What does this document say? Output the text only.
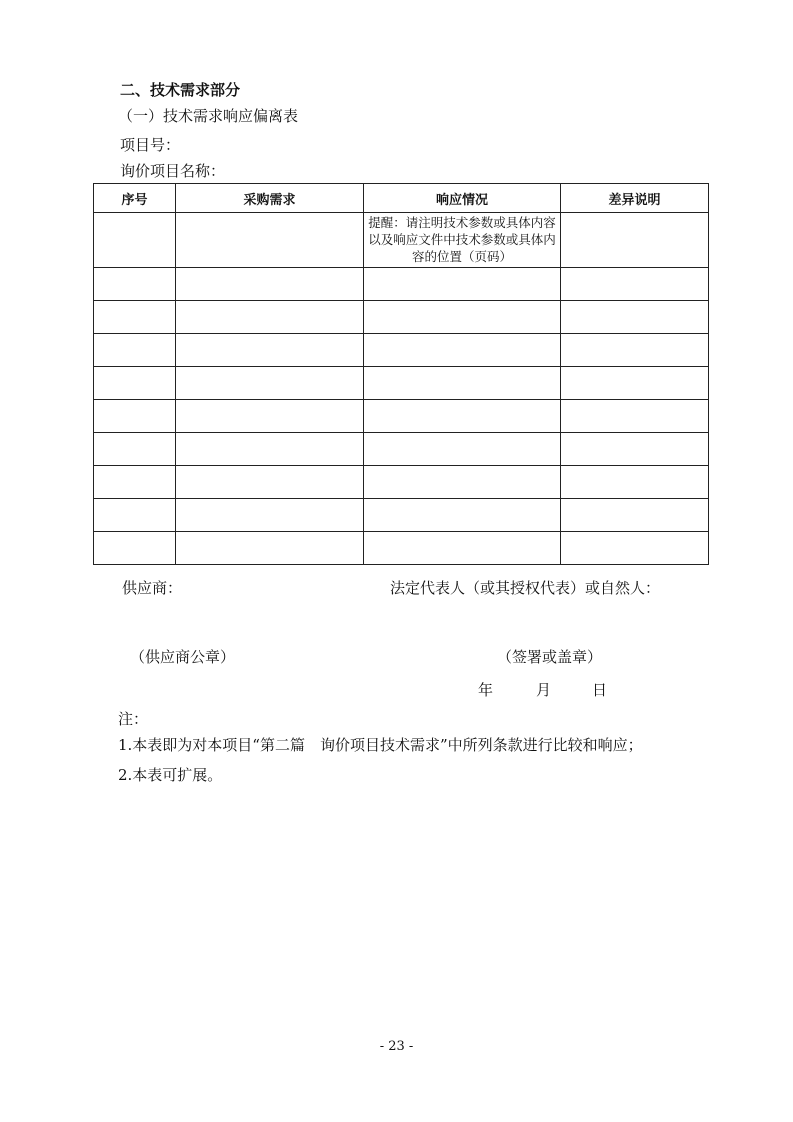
二、技术需求部分
（一）技术需求响应偏离表
项目号：
询价项目名称：
序号	采购需求	响应情况	差异说明

		提醒：请注明技术参数或具体内容以及响应文件中技术参数或具体内容的位置（页码）	

供应商：	法定代表人（或其授权代表）或自然人：
（供应商公章）	（签署或盖章）
年	月	日
注：
1.本表即为对本项目“第二篇　询价项目技术需求”中所列条款进行比较和响应；
2.本表可扩展。
- 23 -
